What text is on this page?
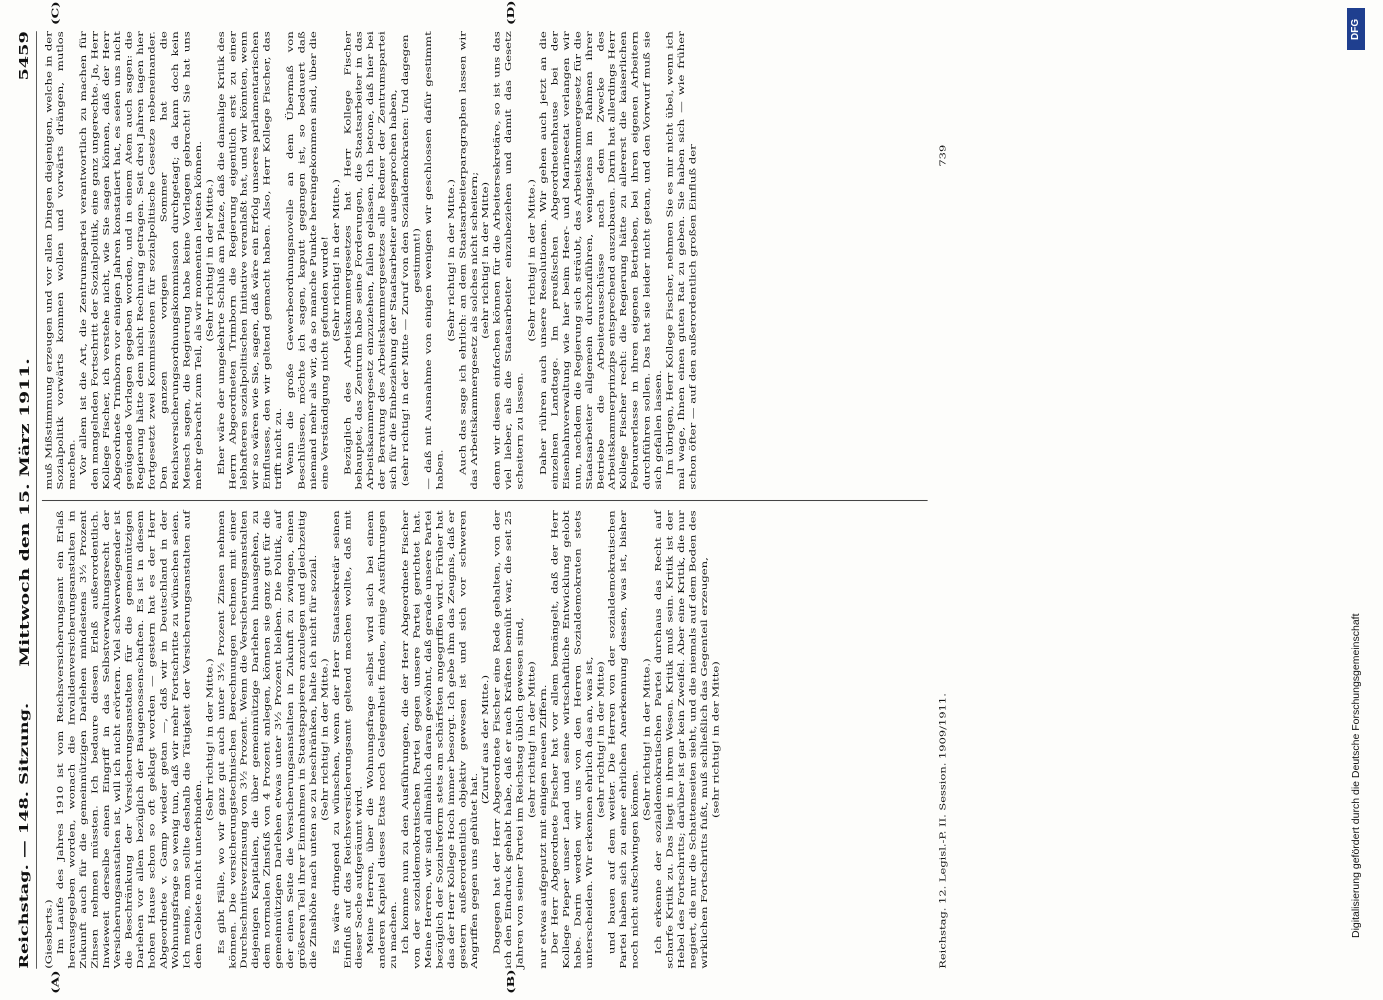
Reichstag. — 148. Sitzung.
Mittwoch den 15. März 1911.
5459
(A)	(B)
(C)	(D)

(Giesberts.) Im Laufe des Jahres 1910 ist vom Reichsversicherungsamt ein Erlaß herausgegeben worden, wonach die Invalidenversicherungsanstalten in Zukunft auch für die gemeinnützigen Darlehen mindestens 3½ Prozent Zinsen nehmen müssten. Ich bedaure diesen Erlaß außerordentlich. Inwieweit derselbe einen Eingriff in das Selbstverwaltungsrecht der Versicherungsanstalten ist, will ich nicht erörtern. Viel schwerwiegender ist die Beschränkung der Versicherungsanstalten für die gemeinnützigen Darlehen vor allem bezüglich der Baugenossenschaften. Es ist in diesem hohen Hause schon so oft geklagt worden — gestern hat es der Herr Abgeordnete v. Gamp wieder getan —, daß wir in Deutschland in der Wohnungsfrage so wenig tun, daß wir mehr Fortschritte zu wünschen seien. Ich meine, man sollte deshalb die Tätigkeit der Versicherungsanstalten auf dem Gebiete nicht unterbinden.

(Sehr richtig! in der Mitte.) Es gibt Fälle, wo wir ganz gut auch unter 3½ Prozent Zinsen nehmen können. Die versicherungstechnischen Berechnungen rechnen mit einer Durchschnittsverzinsung von 3½ Prozent. Wenn die Versicherungsanstalten diejenigen Kapitalien, die über gemeinnützige Darlehen hinausgehen, zu dem normalen Zinsfuß von 4 Prozent anlegen, können sie ganz gut für die gemeinnützigen Darlehen etwas unter 3½ Prozent bleiben. Die Politik, auf der einen Seite die Versicherungsanstalten in Zukunft zu zwingen, einen größeren Teil ihrer Einnahmen in Staatspapieren anzulegen und gleichzeitig die Zinshöhe nach unten so zu beschränken, halte ich nicht für sozial. (Sehr richtig! in der Mitte.) Es wäre dringend zu wünschen, wenn der Herr Staatssekretär seinen Einfluß auf das Reichsversicherungsamt geltend machen wollte, daß mit dieser Sache aufgeräumt wird. Meine Herren, über die Wohnungsfrage selbst wird sich bei einem anderen Kapitel dieses Etats noch Gelegenheit finden, einige Ausführungen zu machen. Ich komme nun zu den Ausführungen, die der Herr Abgeordnete Fischer von der sozialdemokratischen Partei gegen unsere Partei gerichtet hat. Meine Herren, wir sind allmählich daran gewöhnt, daß gerade unsere Partei bezüglich der Sozialreform stets am schärfsten angegriffen wird. Früher hat das der Herr Kollege Hoch immer besorgt. Ich gebe ihm das Zeugnis, daß er gestern außerordentlich objektiv gewesen ist und sich vor schweren Angriffen gegen uns gehütet hat.

(Zuruf aus der Mitte.) Dagegen hat der Herr Abgeordnete Fischer eine Rede gehalten, von der ich den Eindruck gehabt habe, daß er nach Kräften bemüht war, die seit 25 Jahren von seiner Partei im Reichstag üblich gewesen sind, (sehr richtig! in der Mitte) nur etwas aufgeputzt mit einigen neuen Ziffern. Der Herr Abgeordnete Fischer hat vor allem bemängelt, daß der Herr Kollege Pieper unser Land und seine wirtschaftliche Entwicklung gelobt habe. Darin werden wir uns von den Herren Sozialdemokraten stets unterscheiden. Wir erkennen ehrlich das an, was ist, (sehr richtig! in der Mitte) und bauen auf dem weiter. Die Herren von der sozialdemokratischen Partei haben sich zu einer ehrlichen Anerkennung dessen, was ist, bisher noch nicht aufschwingen können.

(Sehr richtig! in der Mitte.) Ich erkenne der sozialdemokratischen Partei durchaus das Recht auf scharfe Kritik zu. Das liegt in ihrem Wesen. Kritik muß sein. Kritik ist der Hebel des Fortschritts; darüber ist gar kein Zweifel. Aber eine Kritik, die nur negiert, die nur die Schattenseiten sieht, und die niemals auf dem Boden des wirklichen Fortschritts fußt, muß schließlich das Gegenteil erzeugen, (sehr richtig! in der Mitte)

muß Mißstimmung erzeugen und vor allen Dingen diejenigen, welche in der Sozialpolitik vorwärts kommen wollen und vorwärts drängen, mutlos machen. Vor allem ist die Art, die Zentrumspartei verantwortlich zu machen für den mangelnden Fortschritt der Sozialpolitik, eine ganz ungerechte. Ja, Herr Kollege Fischer, ich verstehe nicht, wie Sie sagen können, daß der Herr Abgeordnete Trimborn vor einigen Jahren konstatiert hat, es seien uns nicht genügende Vorlagen gegeben worden, und in einem Atem auch sagen: die Regierung hätte dem nicht Rechnung getragen. Seit drei Jahren tagen hier fortgesetzt zwei Kommissionen für sozialpolitische Gesetze nebeneinander. Den ganzen vorigen Sommer hat die Reichsversicherungsordnungskommission durchgetagt; da kann doch kein Mensch sagen, die Regierung habe keine Vorlagen gebracht! Sie hat uns mehr gebracht zum Teil, als wir momentan leisten können. (Sehr richtig! in der Mitte.) Eher wäre der umgekehrte Schluß am Platze, daß die damalige Kritik des Herrn Abgeordneten Trimborn die Regierung eigentlich erst zu einer lebhafteren sozialpolitischen Initiative veranlaßt hat, und wir könnten, wenn wir so wären wie Sie, sagen, daß wäre ein Erfolg unseres parlamentarischen Einflusses, den wir geltend gemacht haben. Also, Herr Kollege Fischer, das trifft nicht zu. Wenn die große Gewerbeordnungsnovelle an dem Übermaß von Beschlüssen, möchte ich sagen, kaputt gegangen ist, so bedauert daß niemand mehr als wir, da so manche Punkte hereingekommen sind, über die eine Verständigung nicht gefunden wurde! (Sehr richtig! in der Mitte.) Bezüglich des Arbeitskammergesetzes hat Herr Kollege Fischer behauptet, das Zentrum habe seine Forderungen, die Staatsarbeiter in das Arbeitskammergesetz einzuziehen, fallen gelassen. Ich betone, daß hier bei der Beratung des Arbeitskammergesetzes alle Redner der Zentrumspartei sich für die Einbeziehung der Staatsarbeiter ausgesprochen haben, (sehr richtig! in der Mitte — Zuruf von den Sozialdemokraten: Und dagegen gestimmt!) — daß mit Ausnahme von einigen wenigen wir geschlossen dafür gestimmt haben.

(Sehr richtig! in der Mitte.) Auch das sage ich ehrlich: an dem Staatsarbeiterparagraphen lassen wir das Arbeitskammergesetz als solches nicht scheitern; (sehr richtig! in der Mitte) denn wir diesen einfachen können für die Arbeitersekretäre, so ist uns das viel lieber, als die Staatsarbeiter einzubeziehen und damit das Gesetz scheitern zu lassen.

(Sehr richtig! in der Mitte.) Daher rühren auch unsere Resolutionen. Wir gehen auch jetzt an die einzelnen Landtage. Im preußischen Abgeordnetenhause bei der Eisenbahnverwaltung wie hier beim Heer- und Marineetat verlangen wir nun, nachdem die Regierung sich sträubt, das Arbeitskammergesetz für die Staatsarbeiter allgemein durchzuführen, wenigstens im Rahmen ihrer Betriebe die Arbeiterausschüsse nach dem Zwecke des Arbeitskammerprinzips entsprechend auszubauen. Darin hat allerdings Herr Kollege Fischer recht: die Regierung hätte zu allererst die kaiserlichen Februarerlasse in ihren eigenen Betrieben, bei ihren eigenen Arbeitern durchführen sollen. Das hat sie leider nicht getan, und den Vorwurf muß sie sich gefallen lassen. Im übrigen, Herr Kollege Fischer, nehmen Sie es mir nicht übel, wenn ich mal wage, Ihnen einen guten Rat zu geben. Sie haben sich — wie früher schon öfter — auf den außerordentlich großen Einfluß der

Reichstag. 12. Legisl.-P. II. Session. 1909/1911.
739
Digitalisierung gefördert durch die Deutsche Forschungsgemeinschaft
DFG
